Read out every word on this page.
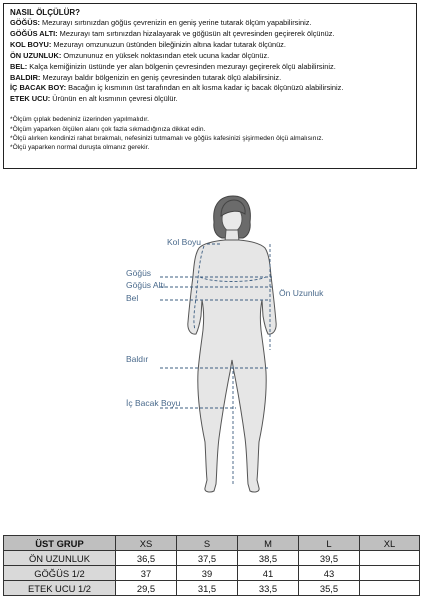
NASIL ÖLÇÜLÜR?
GÖĞÜS: Mezurayı sırtınızdan göğüs çevrenizin en geniş yerine tutarak ölçüm yapabilirsiniz.
GÖĞÜS ALTI: Mezurayı tam sırtınızdan hizalayarak ve göğüsün alt çevresinden geçirerek ölçünüz.
KOL BOYU: Mezurayı omzunuzun üstünden bileğinizin altına kadar tutarak ölçünüz.
ÖN UZUNLUK: Omzununuz en yüksek noktasından etek ucuna kadar ölçünüz.
BEL: Kalça kemiğinizin üstünde yer alan bölgenin çevresinden mezurayı geçirerek ölçü alabilirsiniz.
BALDIR: Mezurayı baldır bölgenizin en geniş çevresinden tutarak ölçü alabilirsiniz.
İÇ BACAK BOY: Bacağın iç kısmının üst tarafından en alt kısma kadar iç bacak ölçünüzü alabilirsiniz.
ETEK UCU: Ürünün en alt kısmının çevresi ölçülür.
*Ölçüm çıplak bedeniniz üzerinden yapılmalıdır.
*Ölçüm yaparken ölçülen alanı çok fazla sıkmadığınıza dikkat edin.
*Ölçü alırken kendinizi rahat bırakmalı, nefesinizi tutmamalı ve göğüs kafesinizi şişirmeden ölçü almalısınız.
*Ölçü yaparken normal duruşta olmanız gerekir.
Kol Boyu
Göğüs
Göğüs Altı
Bel	Ön Uzunluk
Baldır
İç Bacak Boyu
ÜST GRUP	XS	S	M	L	XL
ÖN UZUNLUK	36,5	37,5	38,5	39,5	
GÖĞÜS 1/2	37	39	41	43	
ETEK UCU 1/2	29,5	31,5	33,5	35,5	
